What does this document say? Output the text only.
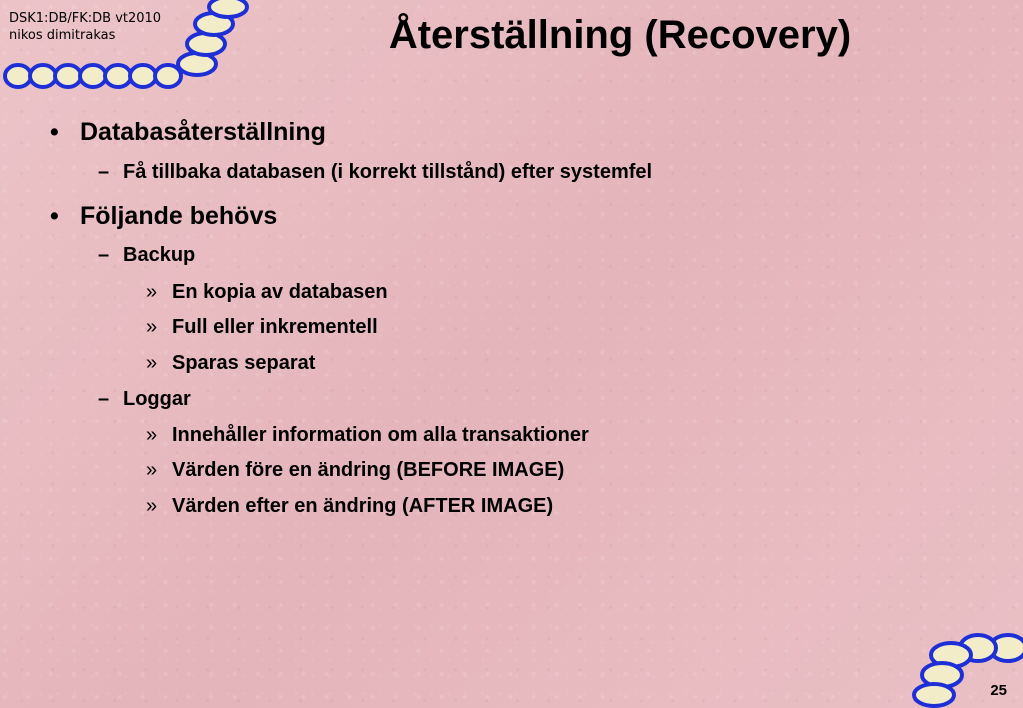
DSK1:DB/FK:DB vt2010
nikos dimitrakas	Återställning (Recovery)
• Databasåterställning
– Få tillbaka databasen (i korrekt tillstånd) efter systemfel
• Följande behövs
– Backup
» En kopia av databasen
» Full eller inkrementell
» Sparas separat
– Loggar
» Innehåller information om alla transaktioner
» Värden före en ändring (BEFORE IMAGE)
» Värden efter en ändring (AFTER IMAGE)
25
